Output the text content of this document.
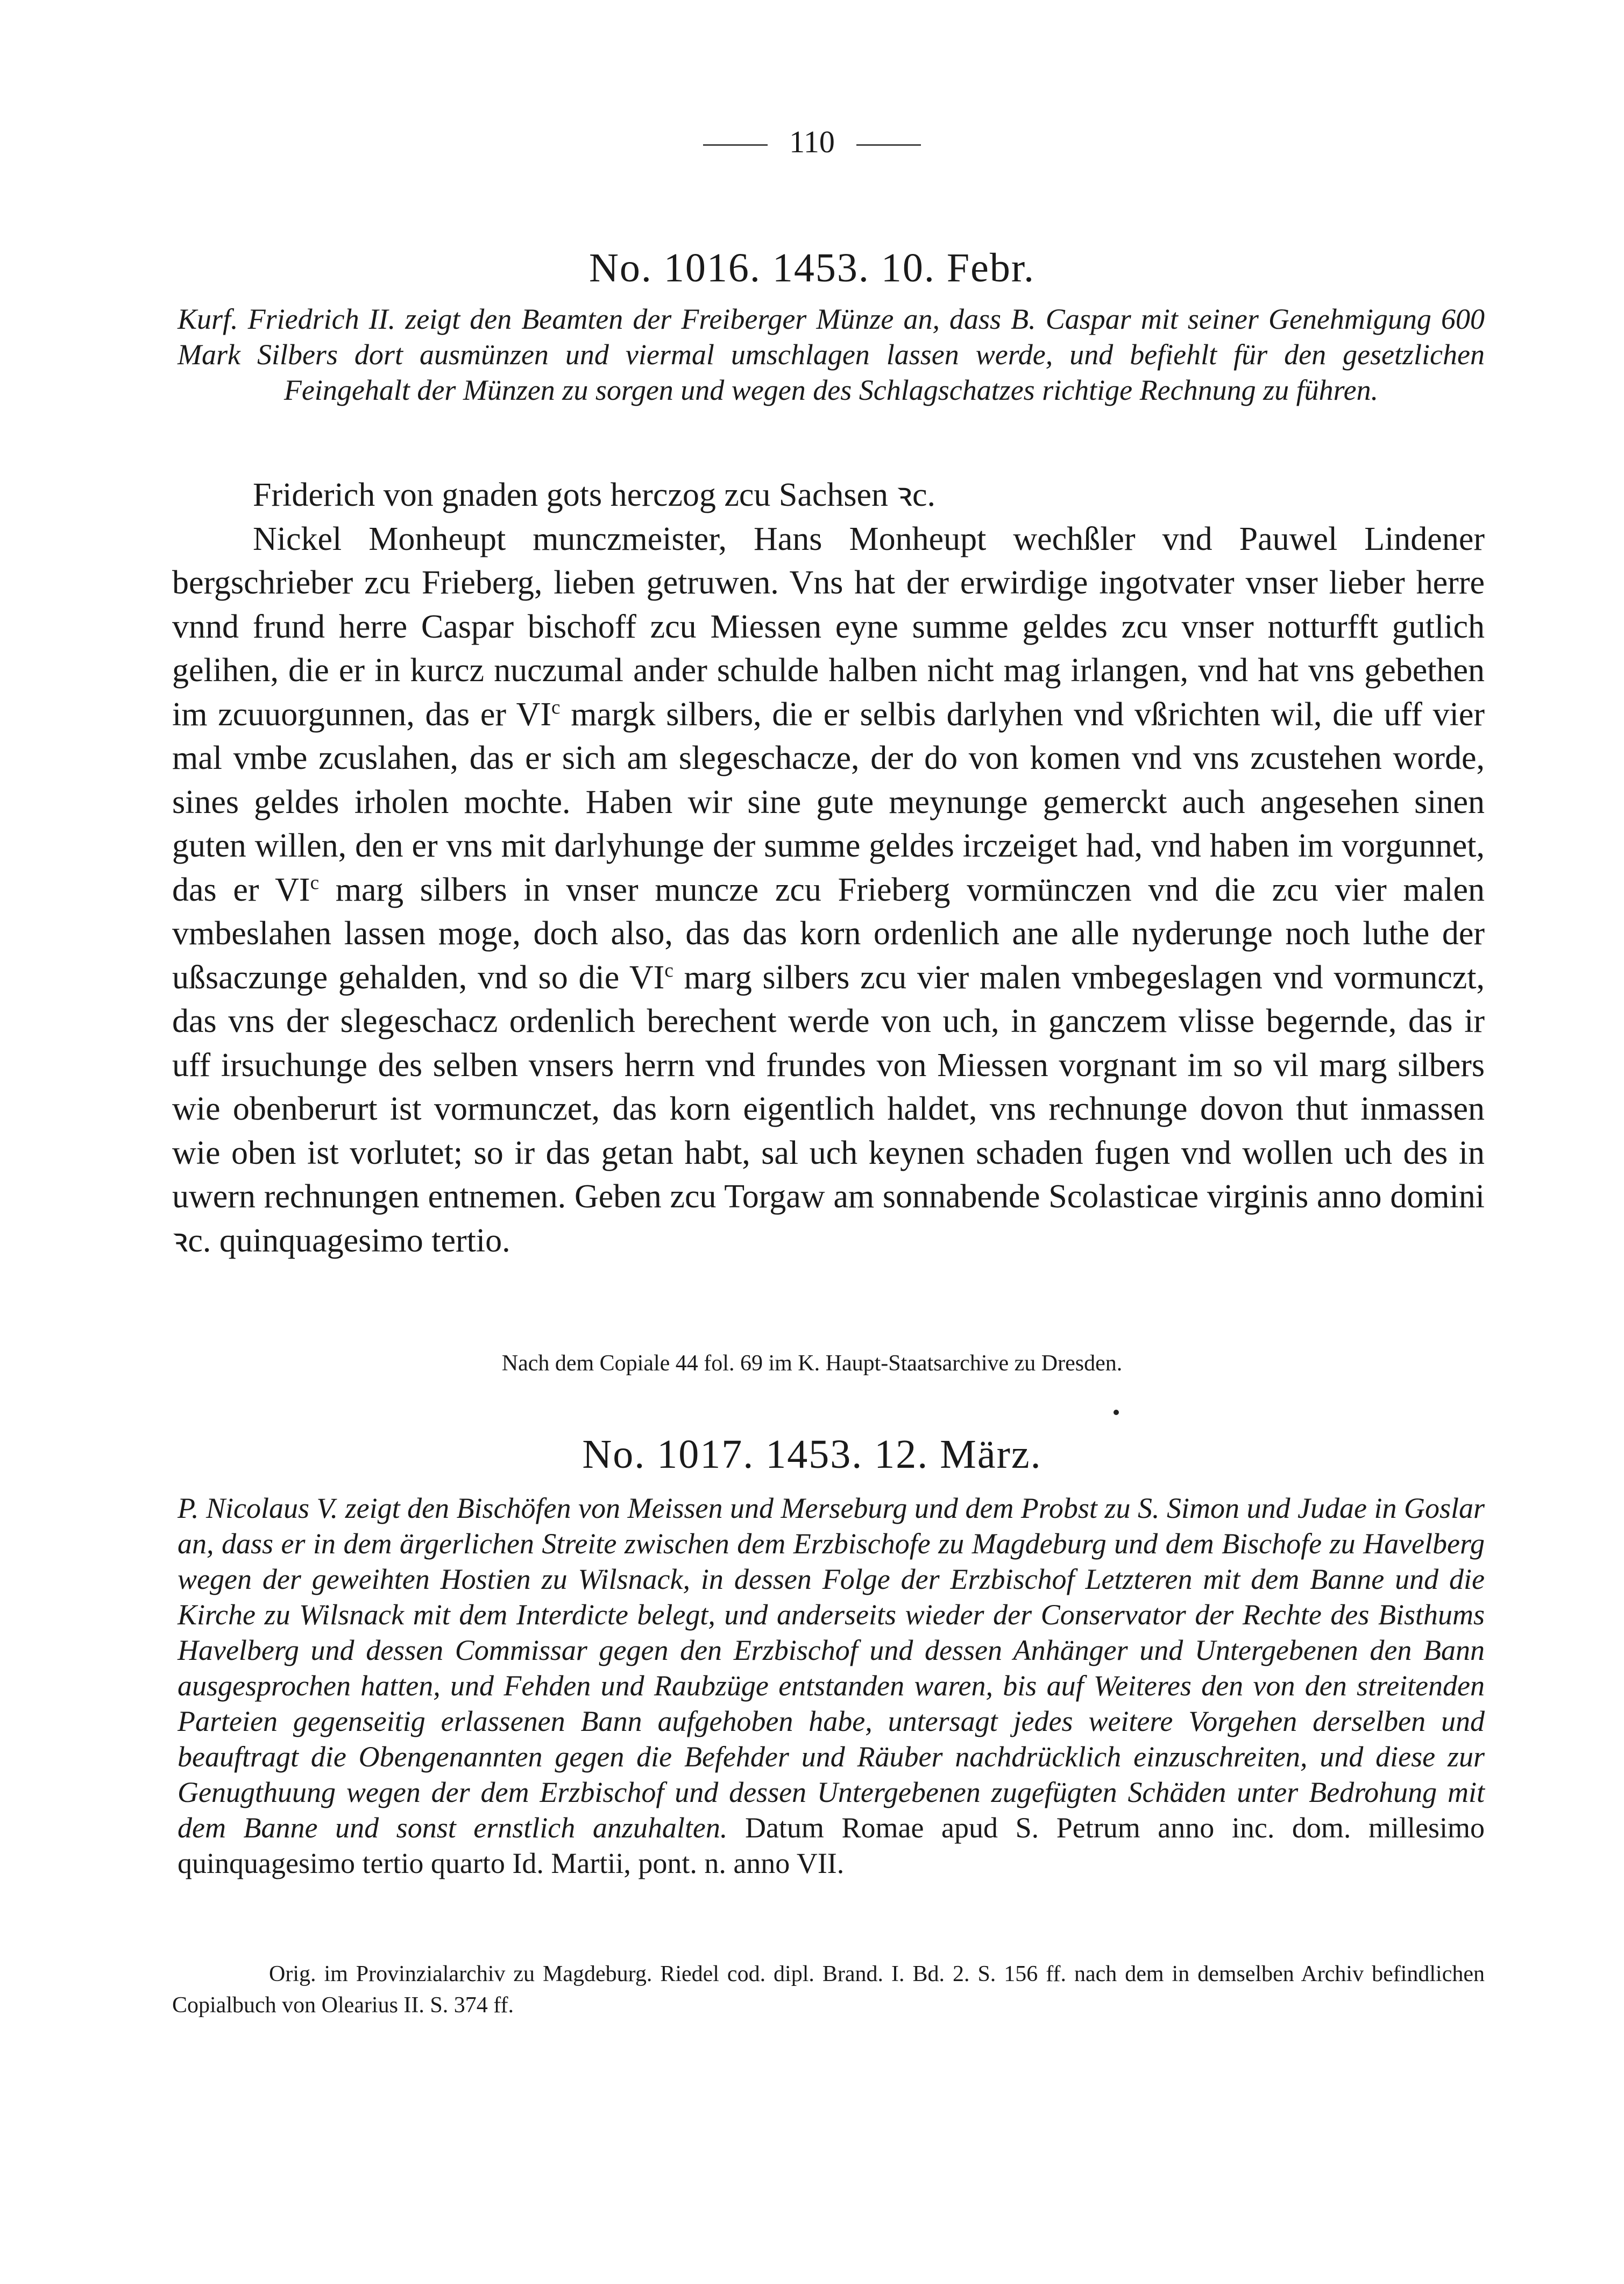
110
No. 1016. 1453. 10. Febr.
Kurf. Friedrich II. zeigt den Beamten der Freiberger Münze an, dass B. Caspar mit seiner Genehmigung 600 Mark Silbers dort ausmünzen und viermal umschlagen lassen werde, und befiehlt für den gesetzlichen Feingehalt der Münzen zu sorgen und wegen des Schlagschatzes richtige Rechnung zu führen.

Friderich von gnaden gots herczog zcu Sachsen ꝛc.

Nickel Monheupt munczmeister, Hans Monheupt wechßler vnd Pauwel Lindener bergschrieber zcu Frieberg, lieben getruwen. Vns hat der erwirdige ingotvater vnser lieber herre vnnd frund herre Caspar bischoff zcu Miessen eyne summe geldes zcu vnser notturfft gutlich gelihen, die er in kurcz nuczumal ander schulde halben nicht mag irlangen, vnd hat vns gebethen im zcuuorgunnen, das er $VI^c$ margk silbers, die er selbis darlyhen vnd vßrichten wil, die uff vier mal vmbe zcuslahen, das er sich am slegeschacze, der do von komen vnd vns zcustehen worde, sines geldes irholen mochte. Haben wir sine gute meynunge gemerckt auch angesehen sinen guten willen, den er vns mit darlyhunge der summe geldes irczeiget had, vnd haben im vorgunnet, das er $VI^c$ marg silbers in vnser muncze zcu Frieberg vormünczen vnd die zcu vier malen vmbeslahen lassen moge, doch also, das das korn ordenlich ane alle nyderunge noch luthe der ußsaczunge gehalden, vnd so die $VI^c$ marg silbers zcu vier malen vmbegeslagen vnd vormunczt, das vns der slegeschacz ordenlich berechent werde von uch, in ganczem vlisse begernde, das ir uff irsuchunge des selben vnsers herrn vnd frundes von Miessen vorgnant im so vil marg silbers wie obenberurt ist vormunczet, das korn eigentlich haldet, vns rechnunge dovon thut inmassen wie oben ist vorlutet; so ir das getan habt, sal uch keynen schaden fugen vnd wollen uch des in uwern rechnungen entnemen. Geben zcu Torgaw am sonnabende Scolasticae virginis anno domini ꝛc. quinquagesimo tertio.

Nach dem Copiale 44 fol. 69 im K. Haupt-Staatsarchive zu Dresden.
No. 1017. 1453. 12. März.
P. Nicolaus V. zeigt den Bischöfen von Meissen und Merseburg und dem Probst zu S. Simon und Judae in Goslar an, dass er in dem ärgerlichen Streite zwischen dem Erzbischofe zu Magdeburg und dem Bischofe zu Havelberg wegen der geweihten Hostien zu Wilsnack, in dessen Folge der Erzbischof Letzteren mit dem Banne und die Kirche zu Wilsnack mit dem Interdicte belegt, und anderseits wieder der Conservator der Rechte des Bisthums Havelberg und dessen Commissar gegen den Erzbischof und dessen Anhänger und Untergebenen den Bann ausgesprochen hatten, und Fehden und Raubzüge entstanden waren, bis auf Weiteres den von den streitenden Parteien gegenseitig erlassenen Bann aufgehoben habe, untersagt jedes weitere Vorgehen derselben und beauftragt die Obengenannten gegen die Befehder und Räuber nachdrücklich einzuschreiten, und diese zur Genugthuung wegen der dem Erzbischof und dessen Untergebenen zugefügten Schäden unter Bedrohung mit dem Banne und sonst ernstlich anzuhalten. Datum Romae apud S. Petrum anno inc. dom. millesimo quinquagesimo tertio quarto Id. Martii, pont. n. anno VII.
Orig. im Provinzialarchiv zu Magdeburg. Riedel cod. dipl. Brand. I. Bd. 2. S. 156 ff. nach dem in demselben Archiv befindlichen Copialbuch von Olearius II. S. 374 ff.
